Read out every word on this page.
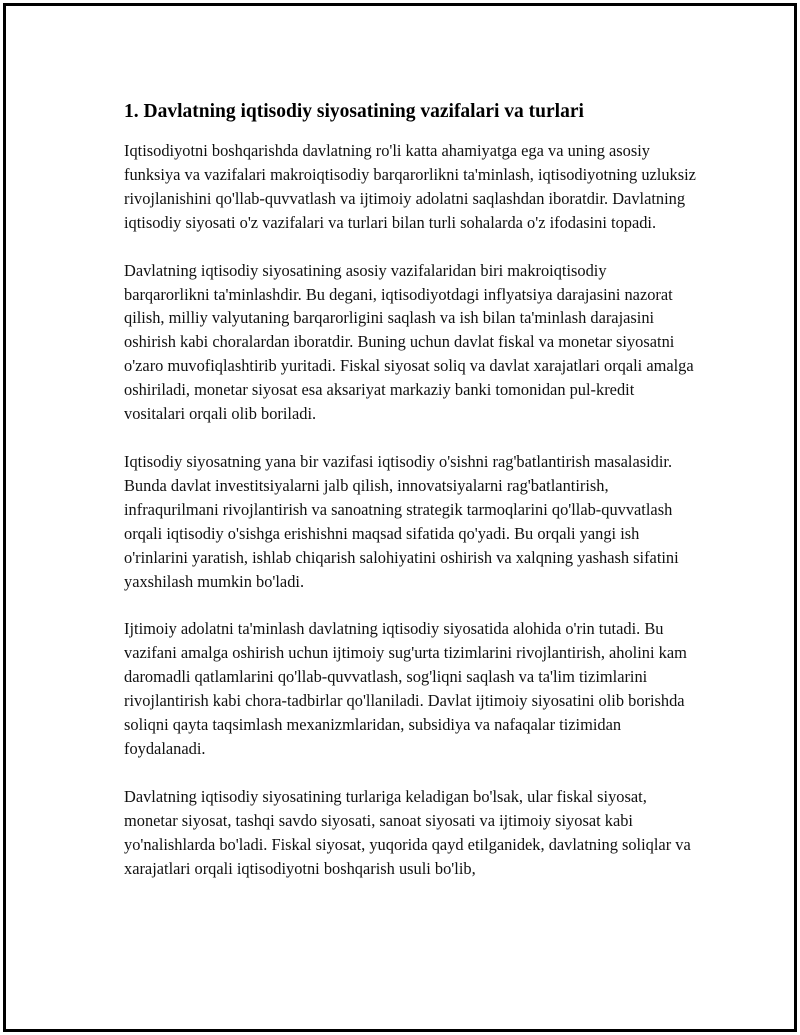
1. Davlatning iqtisodiy siyosatining vazifalari va turlari

Iqtisodiyotni boshqarishda davlatning ro'li katta ahamiyatga ega va uning asosiy funksiya va vazifalari makroiqtisodiy barqarorlikni ta'minlash, iqtisodiyotning uzluksiz rivojlanishini qo'llab-quvvatlash va ijtimoiy adolatni saqlashdan iboratdir. Davlatning iqtisodiy siyosati o'z vazifalari va turlari bilan turli sohalarda o'z ifodasini topadi.

Davlatning iqtisodiy siyosatining asosiy vazifalaridan biri makroiqtisodiy barqarorlikni ta'minlashdir. Bu degani, iqtisodiyotdagi inflyatsiya darajasini nazorat qilish, milliy valyutaning barqarorligini saqlash va ish bilan ta'minlash darajasini oshirish kabi choralardan iboratdir. Buning uchun davlat fiskal va monetar siyosatni o'zaro muvofiqlashtirib yuritadi. Fiskal siyosat soliq va davlat xarajatlari orqali amalga oshiriladi, monetar siyosat esa aksariyat markaziy banki tomonidan pul-kredit vositalari orqali olib boriladi.

Iqtisodiy siyosatning yana bir vazifasi iqtisodiy o'sishni rag'batlantirish masalasidir. Bunda davlat investitsiyalarni jalb qilish, innovatsiyalarni rag'batlantirish, infraqurilmani rivojlantirish va sanoatning strategik tarmoqlarini qo'llab-quvvatlash orqali iqtisodiy o'sishga erishishni maqsad sifatida qo'yadi. Bu orqali yangi ish o'rinlarini yaratish, ishlab chiqarish salohiyatini oshirish va xalqning yashash sifatini yaxshilash mumkin bo'ladi.

Ijtimoiy adolatni ta'minlash davlatning iqtisodiy siyosatida alohida o'rin tutadi. Bu vazifani amalga oshirish uchun ijtimoiy sug'urta tizimlarini rivojlantirish, aholini kam daromadli qatlamlarini qo'llab-quvvatlash, sog'liqni saqlash va ta'lim tizimlarini rivojlantirish kabi chora-tadbirlar qo'llaniladi. Davlat ijtimoiy siyosatini olib borishda soliqni qayta taqsimlash mexanizmlaridan, subsidiya va nafaqalar tizimidan foydalanadi.

Davlatning iqtisodiy siyosatining turlariga keladigan bo'lsak, ular fiskal siyosat, monetar siyosat, tashqi savdo siyosati, sanoat siyosati va ijtimoiy siyosat kabi yo'nalishlarda bo'ladi. Fiskal siyosat, yuqorida qayd etilganidek, davlatning soliqlar va xarajatlari orqali iqtisodiyotni boshqarish usuli bo'lib,
